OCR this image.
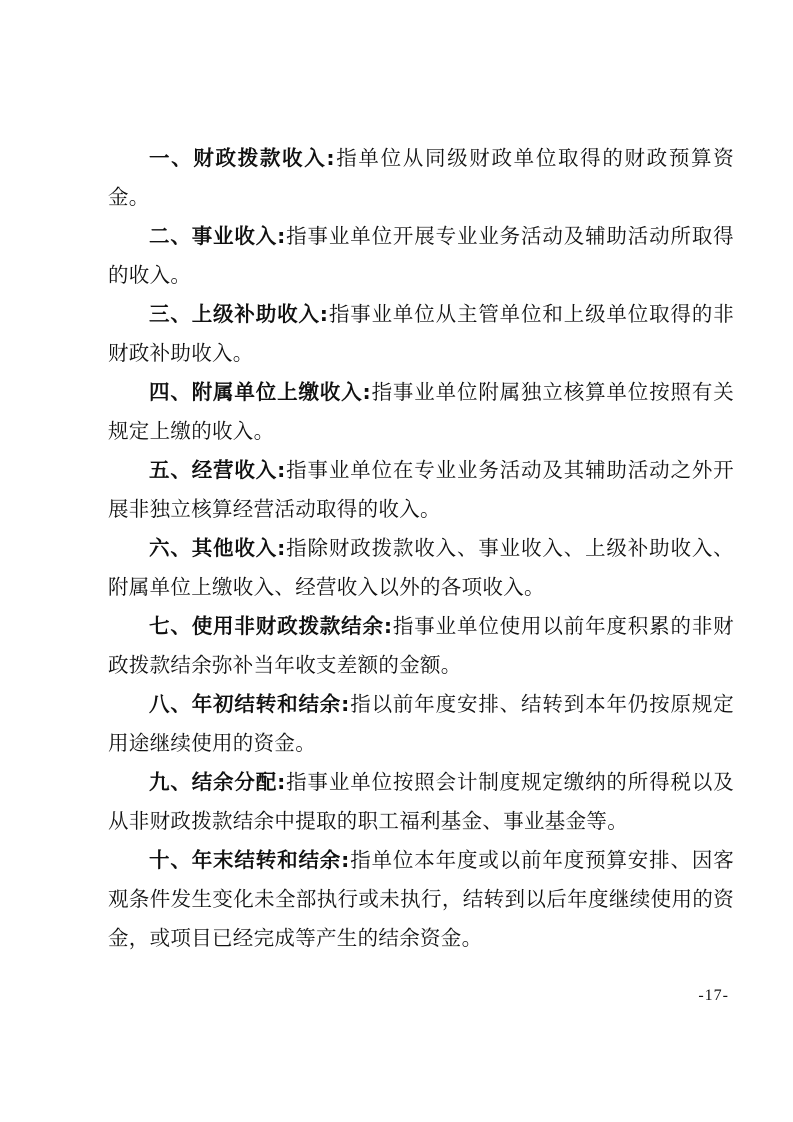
一、财政拨款收入:指单位从同级财政单位取得的财政预算资金。

二、事业收入:指事业单位开展专业业务活动及辅助活动所取得的收入。

三、上级补助收入:指事业单位从主管单位和上级单位取得的非财政补助收入。

四、附属单位上缴收入:指事业单位附属独立核算单位按照有关规定上缴的收入。

五、经营收入:指事业单位在专业业务活动及其辅助活动之外开展非独立核算经营活动取得的收入。

六、其他收入:指除财政拨款收入、事业收入、上级补助收入、附属单位上缴收入、经营收入以外的各项收入。

七、使用非财政拨款结余:指事业单位使用以前年度积累的非财政拨款结余弥补当年收支差额的金额。

八、年初结转和结余:指以前年度安排、结转到本年仍按原规定用途继续使用的资金。

九、结余分配:指事业单位按照会计制度规定缴纳的所得税以及从非财政拨款结余中提取的职工福利基金、事业基金等。

十、年末结转和结余:指单位本年度或以前年度预算安排、因客观条件发生变化未全部执行或未执行，结转到以后年度继续使用的资金，或项目已经完成等产生的结余资金。

-17-
